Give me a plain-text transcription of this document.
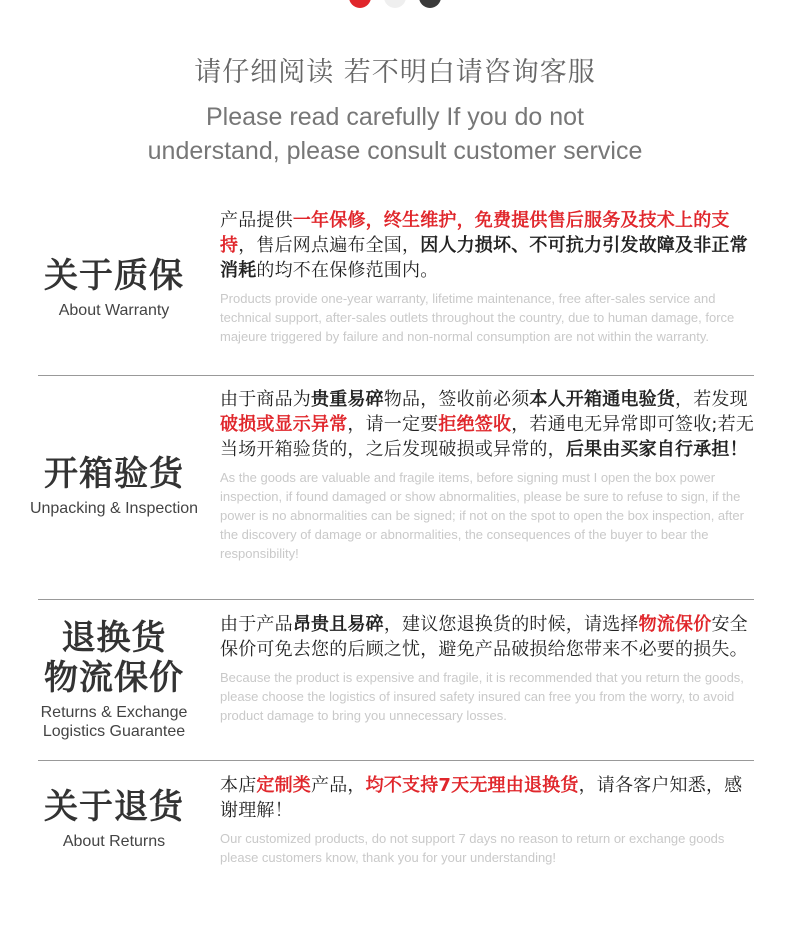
请仔细阅读 若不明白请咨询客服
Please read carefully If you do not understand, please consult customer service
关于质保
About Warranty
产品提供一年保修，终生维护，免费提供售后服务及技术上的支持，售后网点遍布全国，因人力损坏、不可抗力引发故障及非正常消耗的均不在保修范围内。
Products provide one-year warranty, lifetime maintenance, free after-sales service and technical support, after-sales outlets throughout the country, due to human damage, force majeure triggered by failure and non-normal consumption are not within the warranty.
开箱验货
Unpacking & Inspection
由于商品为贵重易碎物品，签收前必须本人开箱通电验货，若发现破损或显示异常，请一定要拒绝签收，若通电无异常即可签收;若无当场开箱验货的，之后发现破损或异常的，后果由买家自行承担！
As the goods are valuable and fragile items, before signing must I open the box power inspection, if found damaged or show abnormalities, please be sure to refuse to sign, if the power is no abnormalities can be signed; if not on the spot to open the box inspection, after the discovery of damage or abnormalities, the consequences of the buyer to bear the responsibility!
退换货
物流保价
Returns & Exchange
Logistics Guarantee
由于产品昂贵且易碎，建议您退换货的时候，请选择物流保价安全保价可免去您的后顾之忧，避免产品破损给您带来不必要的损失。
Because the product is expensive and fragile, it is recommended that you return the goods, please choose the logistics of insured safety insured can free you from the worry, to avoid product damage to bring you unnecessary losses.
关于退货
About Returns
本店定制类产品，均不支持7天无理由退换货，请各客户知悉，感谢理解！
Our customized products, do not support 7 days no reason to return or exchange goods please customers know, thank you for your understanding!
